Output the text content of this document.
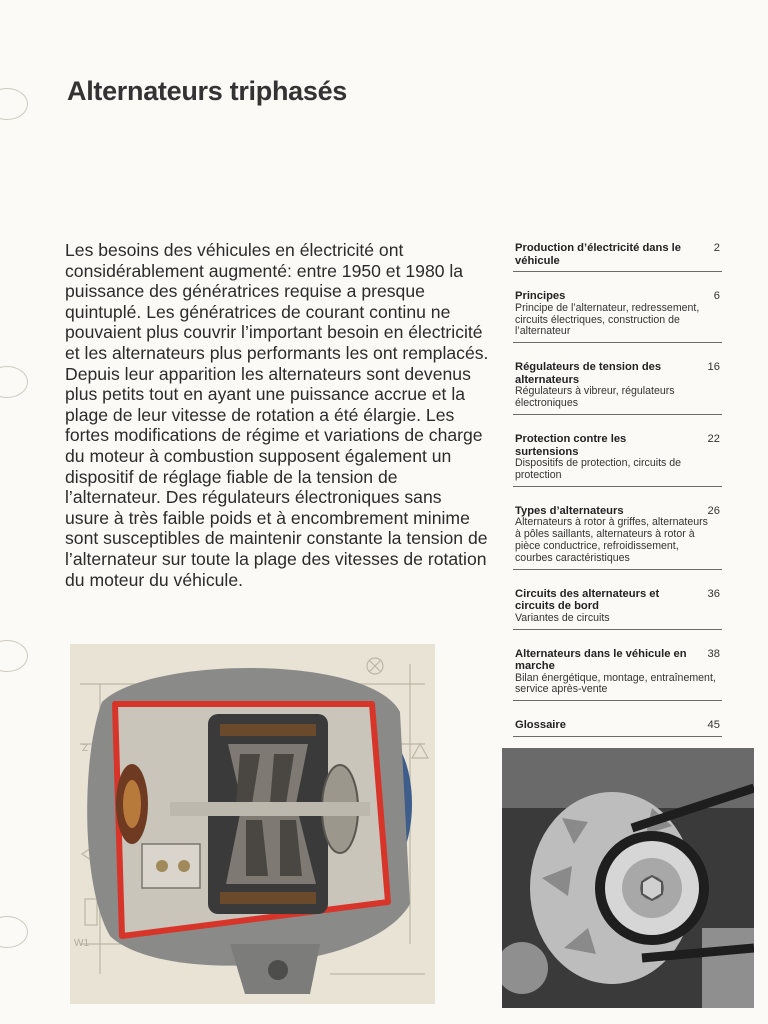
Alternateurs triphasés

Les besoins des véhicules en électricité ont considérablement augmenté: entre 1950 et 1980 la puissance des génératrices requise a presque quintuplé. Les génératrices de courant continu ne pouvaient plus couvrir l’important besoin en électricité et les alternateurs plus performants les ont remplacés. Depuis leur apparition les alternateurs sont devenus plus petits tout en ayant une puissance accrue et la plage de leur vitesse de rotation a été élargie. Les fortes modifications de régime et variations de charge du moteur à combustion supposent également un dispositif de réglage fiable de la tension de l’alternateur. Des régulateurs électroniques sans usure à très faible poids et à encombrement minime sont susceptibles de maintenir constante la tension de l’alternateur sur toute la plage des vitesses de rotation du moteur du véhicule.

Production d’électricité dans le véhicule
2
Principes
Principe de l’alternateur, redressement, circuits électriques, construction de l’alternateur
6
Régulateurs de tension des alternateurs
Régulateurs à vibreur, régulateurs électroniques
16
Protection contre les surtensions
Dispositifs de protection, circuits de protection
22
Types d’alternateurs
Alternateurs à rotor à griffes, alternateurs à pôles saillants, alternateurs à rotor à pièce conductrice, refroidissement, courbes caractéristiques
26
Circuits des alternateurs et circuits de bord
Variantes de circuits
36
Alternateurs dans le véhicule en marche
Bilan énergétique, montage, entraînement, service après-vente
38
Glossaire	45
Z
W1
